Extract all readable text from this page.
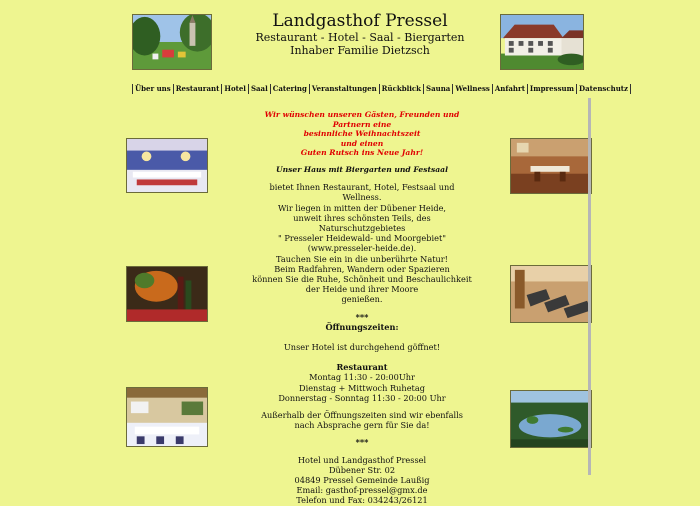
Landgasthof Pressel
Restaurant - Hotel - Saal - Biergarten
Inhaber Familie Dietzsch
Über uns Restaurant Hotel Saal Catering Veranstaltungen Rückblick Sauna Wellness Anfahrt Impressum Datenschutz

Wir wünschen unseren Gästen, Freunden und Partnern eine

besinnliche Weihnachtszeit

und einen

Guten Rutsch ins Neue Jahr!

Unser Haus mit Biergarten und Festsaal

bietet Ihnen Restaurant, Hotel, Festsaal und Wellness.

Wir liegen in mitten der Dübener Heide,

unweit ihres schönsten Teils, des Naturschutzgebietes

" Presseler Heidewald- und Moorgebiet"

(www.presseler-heide.de).

Tauchen Sie ein in die unberührte Natur!

Beim Radfahren, Wandern oder Spazieren

können Sie die Ruhe, Schönheit und Beschaulichkeit

der Heide und ihrer Moore

genießen.

***

Öffnungszeiten:

Unser Hotel ist durchgehend göffnet!

Restaurant

Montag 11:30 - 20:00Uhr

Dienstag + Mittwoch Ruhetag

Donnerstag - Sonntag 11:30 - 20:00 Uhr

Außerhalb der Öffnungszeiten sind wir ebenfalls

nach Absprache gern für Sie da!

***

Hotel und Landgasthof Pressel

Dübener Str. 02

04849 Pressel Gemeinde Laußig

Email: gasthof-pressel@gmx.de

Telefon und Fax: 034243/26121
